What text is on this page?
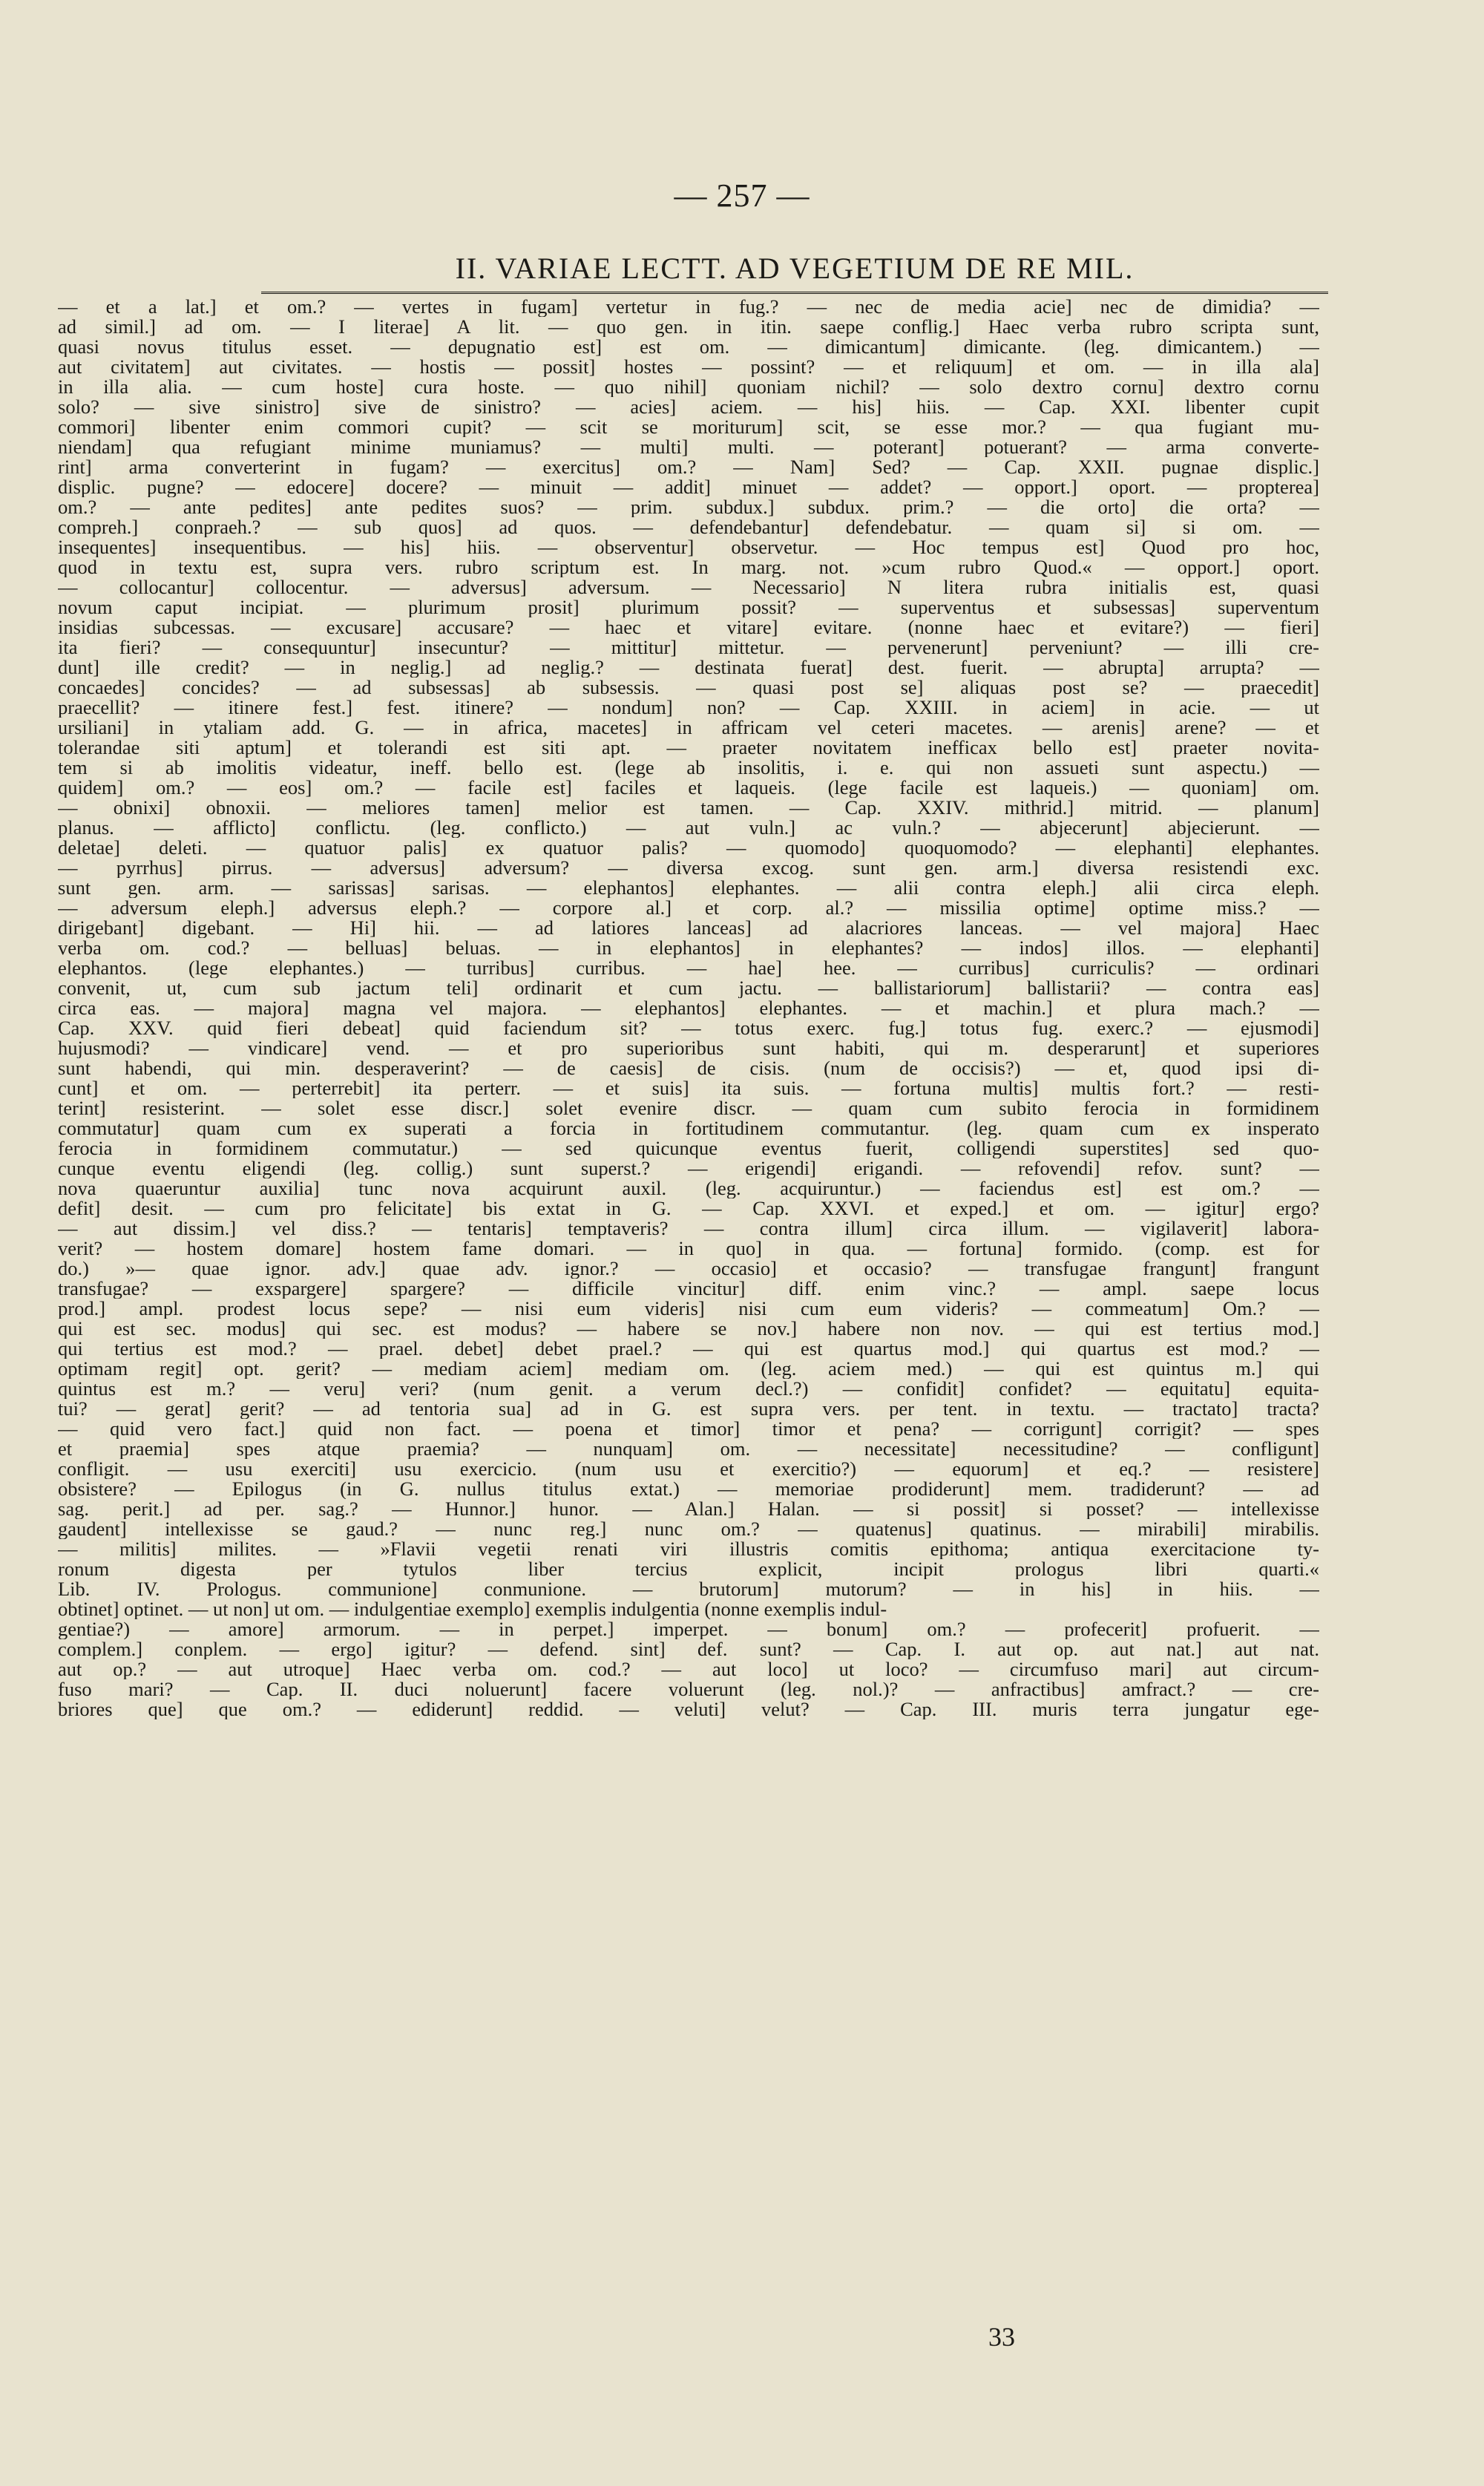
— 257 —
II. VARIAE LECTT. AD VEGETIUM DE RE MIL.
— et a lat.] et om.? — vertes in fugam] vertetur in fug.? — nec de media acie] nec de dimidia? —
ad simil.] ad om. — I literae] A lit. — quo gen. in itin. saepe conflig.] Haec verba rubro scripta sunt,
quasi novus titulus esset. — depugnatio est] est om. — dimicantum] dimicante. (leg. dimicantem.) —
aut civitatem] aut civitates. — hostis — possit] hostes — possint? — et reliquum] et om. — in illa ala]
in illa alia. — cum hoste] cura hoste. — quo nihil] quoniam nichil? — solo dextro cornu] dextro cornu
solo? — sive sinistro] sive de sinistro? — acies] aciem. — his] hiis. — Cap. XXI. libenter cupit
commori] libenter enim commori cupit? — scit se moriturum] scit, se esse mor.? — qua fugiant mu-
niendam] qua refugiant minime muniamus? — multi] multi. — poterant] potuerant? — arma converte-
rint] arma converterint in fugam? — exercitus] om.? — Nam] Sed? — Cap. XXII. pugnae displic.]
displic. pugne? — edocere] docere? — minuit — addit] minuet — addet? — opport.] oport. — propterea]
om.? — ante pedites] ante pedites suos? — prim. subdux.] subdux. prim.? — die orto] die orta? —
compreh.] conpraeh.? — sub quos] ad quos. — defendebantur] defendebatur. — quam si] si om. —
insequentes] insequentibus. — his] hiis. — observentur] observetur. — Hoc tempus est] Quod pro hoc,
quod in textu est, supra vers. rubro scriptum est. In marg. not. »cum rubro Quod.« — opport.] oport.
— collocantur] collocentur. — adversus] adversum. — Necessario] N litera rubra initialis est, quasi
novum caput incipiat. — plurimum prosit] plurimum possit? — superventus et subsessas] superventum
insidias subcessas. — excusare] accusare? — haec et vitare] evitare. (nonne haec et evitare?) — fieri]
ita fieri? — consequuntur] insecuntur? — mittitur] mittetur. — pervenerunt] perveniunt? — illi cre-
dunt] ille credit? — in neglig.] ad neglig.? — destinata fuerat] dest. fuerit. — abrupta] arrupta? —
concaedes] concides? — ad subsessas] ab subsessis. — quasi post se] aliquas post se? — praecedit]
praecellit? — itinere fest.] fest. itinere? — nondum] non? — Cap. XXIII. in aciem] in acie. — ut
ursiliani] in ytaliam add. G. — in africa, macetes] in affricam vel ceteri macetes. — arenis] arene? — et
tolerandae siti aptum] et tolerandi est siti apt. — praeter novitatem inefficax bello est] praeter novita-
tem si ab imolitis videatur, ineff. bello est. (lege ab insolitis, i. e. qui non assueti sunt aspectu.) —
quidem] om.? — eos] om.? — facile est] faciles et laqueis. (lege facile est laqueis.) — quoniam] om.
— obnixi] obnoxii. — meliores tamen] melior est tamen. — Cap. XXIV. mithrid.] mitrid. — planum]
planus. — afflicto] conflictu. (leg. conflicto.) — aut vuln.] ac vuln.? — abjecerunt] abjecierunt. —
deletae] deleti. — quatuor palis] ex quatuor palis? — quomodo] quoquomodo? — elephanti] elephantes.
— pyrrhus] pirrus. — adversus] adversum? — diversa excog. sunt gen. arm.] diversa resistendi exc.
sunt gen. arm. — sarissas] sarisas. — elephantos] elephantes. — alii contra eleph.] alii circa eleph.
— adversum eleph.] adversus eleph.? — corpore al.] et corp. al.? — missilia optime] optime miss.? —
dirigebant] digebant. — Hi] hii. — ad latiores lanceas] ad alacriores lanceas. — vel majora] Haec
verba om. cod.? — belluas] beluas. — in elephantos] in elephantes? — indos] illos. — elephanti]
elephantos. (lege elephantes.) — turribus] curribus. — hae] hee. — curribus] curriculis? — ordinari
convenit, ut, cum sub jactum teli] ordinarit et cum jactu. — ballistariorum] ballistarii? — contra eas]
circa eas. — majora] magna vel majora. — elephantos] elephantes. — et machin.] et plura mach.? —
Cap. XXV. quid fieri debeat] quid faciendum sit? — totus exerc. fug.] totus fug. exerc.? — ejusmodi]
hujusmodi? — vindicare] vend. — et pro superioribus sunt habiti, qui m. desperarunt] et superiores
sunt habendi, qui min. desperaverint? — de caesis] de cisis. (num de occisis?) — et, quod ipsi di-
cunt] et om. — perterrebit] ita perterr. — et suis] ita suis. — fortuna multis] multis fort.? — resti-
terint] resisterint. — solet esse discr.] solet evenire discr. — quam cum subito ferocia in formidinem
commutatur] quam cum ex superati a forcia in fortitudinem commutantur. (leg. quam cum ex insperato
ferocia in formidinem commutatur.) — sed quicunque eventus fuerit, colligendi superstites] sed quo-
cunque eventu eligendi (leg. collig.) sunt superst.? — erigendi] erigandi. — refovendi] refov. sunt? —
nova quaeruntur auxilia] tunc nova acquirunt auxil. (leg. acquiruntur.) — faciendus est] est om.? —
defit] desit. — cum pro felicitate] bis extat in G. — Cap. XXVI. et exped.] et om. — igitur] ergo?
— aut dissim.] vel diss.? — tentaris] temptaveris? — contra illum] circa illum. — vigilaverit] labora-
verit? — hostem domare] hostem fame domari. — in quo] in qua. — fortuna] formido. (comp. est for
do.) »— quae ignor. adv.] quae adv. ignor.? — occasio] et occasio? — transfugae frangunt] frangunt
transfugae? — exspargere] spargere? — difficile vincitur] diff. enim vinc.? — ampl. saepe locus
prod.] ampl. prodest locus sepe? — nisi eum videris] nisi cum eum videris? — commeatum] Om.? —
qui est sec. modus] qui sec. est modus? — habere se nov.] habere non nov. — qui est tertius mod.]
qui tertius est mod.? — prael. debet] debet prael.? — qui est quartus mod.] qui quartus est mod.? —
optimam regit] opt. gerit? — mediam aciem] mediam om. (leg. aciem med.) — qui est quintus m.] qui
quintus est m.? — veru] veri? (num genit. a verum decl.?) — confidit] confidet? — equitatu] equita-
tui? — gerat] gerit? — ad tentoria sua] ad in G. est supra vers. per tent. in textu. — tractato] tracta?
— quid vero fact.] quid non fact. — poena et timor] timor et pena? — corrigunt] corrigit? — spes
et praemia] spes atque praemia? — nunquam] om. — necessitate] necessitudine? — confligunt]
confligit. — usu exerciti] usu exercicio. (num usu et exercitio?) — equorum] et eq.? — resistere]
obsistere? — Epilogus (in G. nullus titulus extat.) — memoriae prodiderunt] mem. tradiderunt? — ad
sag. perit.] ad per. sag.? — Hunnor.] hunor. — Alan.] Halan. — si possit] si posset? — intellexisse
gaudent] intellexisse se gaud.? — nunc reg.] nunc om.? — quatenus] quatinus. — mirabili] mirabilis.
— militis] milites. — »Flavii vegetii renati viri illustris comitis epithoma; antiqua exercitacione ty-
ronum digesta per tytulos liber tercius explicit, incipit prologus libri quarti.«
Lib. IV. Prologus. communione] conmunione. — brutorum] mutorum? — in his] in hiis. —
obtinet] optinet. — ut non] ut om. — indulgentiae exemplo] exemplis indulgentia (nonne exemplis indul-
gentiae?) — amore] armorum. — in perpet.] imperpet. — bonum] om.? — profecerit] profuerit. —
complem.] conplem. — ergo] igitur? — defend. sint] def. sunt? — Cap. I. aut op. aut nat.] aut nat.
aut op.? — aut utroque] Haec verba om. cod.? — aut loco] ut loco? — circumfuso mari] aut circum-
fuso mari? — Cap. II. duci noluerunt] facere voluerunt (leg. nol.)? — anfractibus] amfract.? — cre-
briores que] que om.? — ediderunt] reddid. — veluti] velut? — Cap. III. muris terra jungatur ege-
33
